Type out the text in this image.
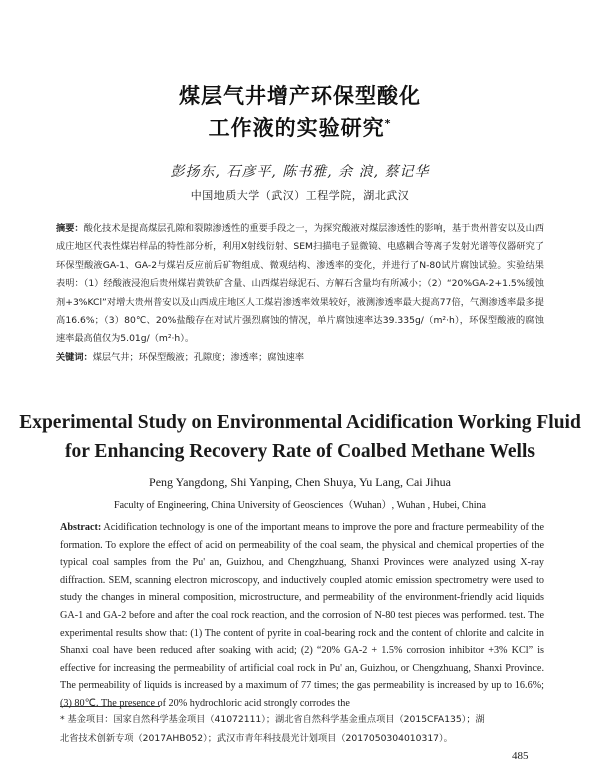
煤层气井增产环保型酸化
工作液的实验研究*
彭扬东, 石彦平, 陈书雅, 余 浪, 蔡记华
中国地质大学（武汉）工程学院，湖北武汉
摘要：酸化技术是提高煤层孔隙和裂隙渗透性的重要手段之一，为探究酸液对煤层渗透性的影响，基于贵州普安以及山西成庄地区代表性煤岩样品的特性部分析，利用X射线衍射、SEM扫描电子显微镜、电感耦合等离子发射光谱等仪器研究了环保型酸液GA-1、GA-2与煤岩反应前后矿物组成、微观结构、渗透率的变化，并进行了N-80试片腐蚀试验。实验结果表明：（1）经酸液浸泡后贵州煤岩黄铁矿含量、山西煤岩绿泥石、方解石含量均有所减小；（2）“20%GA-2+1.5%缓蚀剂+3%KCl”对增大贵州普安以及山西成庄地区人工煤岩渗透率效果较好，液测渗透率最大提高77倍，气测渗透率最多提高16.6%；（3）80℃、20%盐酸存在对试片强烈腐蚀的情况，单片腐蚀速率达39.335g/（m²·h），环保型酸液的腐蚀速率最高值仅为5.01g/（m²·h）。
关键词：煤层气井；环保型酸液；孔隙度；渗透率；腐蚀速率
Experimental Study on Environmental Acidification Working Fluid
for Enhancing Recovery Rate of Coalbed Methane Wells
Peng Yangdong, Shi Yanping, Chen Shuya, Yu Lang, Cai Jihua
Faculty of Engineering, China University of Geosciences（Wuhan）, Wuhan , Hubei, China
Abstract: Acidification technology is one of the important means to improve the pore and fracture permeability of the formation. To explore the effect of acid on permeability of the coal seam, the physical and chemical properties of the typical coal samples from the Pu' an, Guizhou, and Chengzhuang, Shanxi Provinces were analyzed using X-ray diffraction. SEM, scanning electron microscopy, and inductively coupled atomic emission spectrometry were used to study the changes in mineral composition, microstructure, and permeability of the environment-friendly acid liquids GA-1 and GA-2 before and after the coal rock reaction, and the corrosion of N-80 test pieces was performed. test. The experimental results show that: (1) The content of pyrite in coal-bearing rock and the content of chlorite and calcite in Shanxi coal have been reduced after soaking with acid; (2) “20% GA-2 + 1.5% corrosion inhibitor +3% KCl” is effective for increasing the permeability of artificial coal rock in Pu' an, Guizhou, or Chengzhuang, Shanxi Province. The permeability of liquids is increased by a maximum of 77 times; the gas permeability is increased by up to 16.6%; (3) 80℃. The presence of 20% hydrochloric acid strongly corrodes the
* 基金项目：国家自然科学基金项目（41072111）；湖北省自然科学基金重点项目（2015CFA135）；湖
北省技术创新专项（2017AHB052）；武汉市青年科技晨光计划项目（2017050304010317）。
485
